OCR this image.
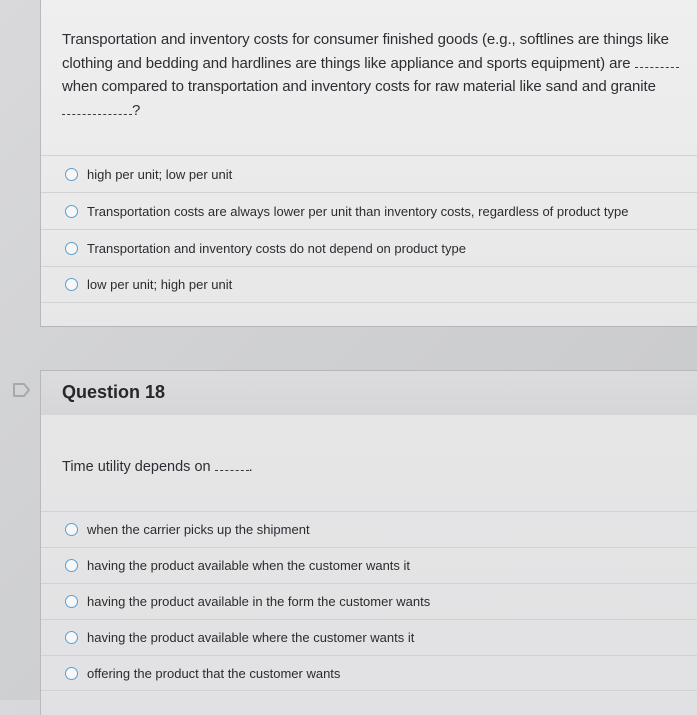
Transportation and inventory costs for consumer finished goods (e.g., softlines are things like
clothing and bedding and hardlines are things like appliance and sports equipment) are
when compared to transportation and inventory costs for raw material like sand and granite
?
high per unit; low per unit
Transportation costs are always lower per unit than inventory costs, regardless of product type
Transportation and inventory costs do not depend on product type
low per unit; high per unit
Question 18
Time utility depends on	.
when the carrier picks up the shipment
having the product available when the customer wants it
having the product available in the form the customer wants
having the product available where the customer wants it
offering the product that the customer wants
